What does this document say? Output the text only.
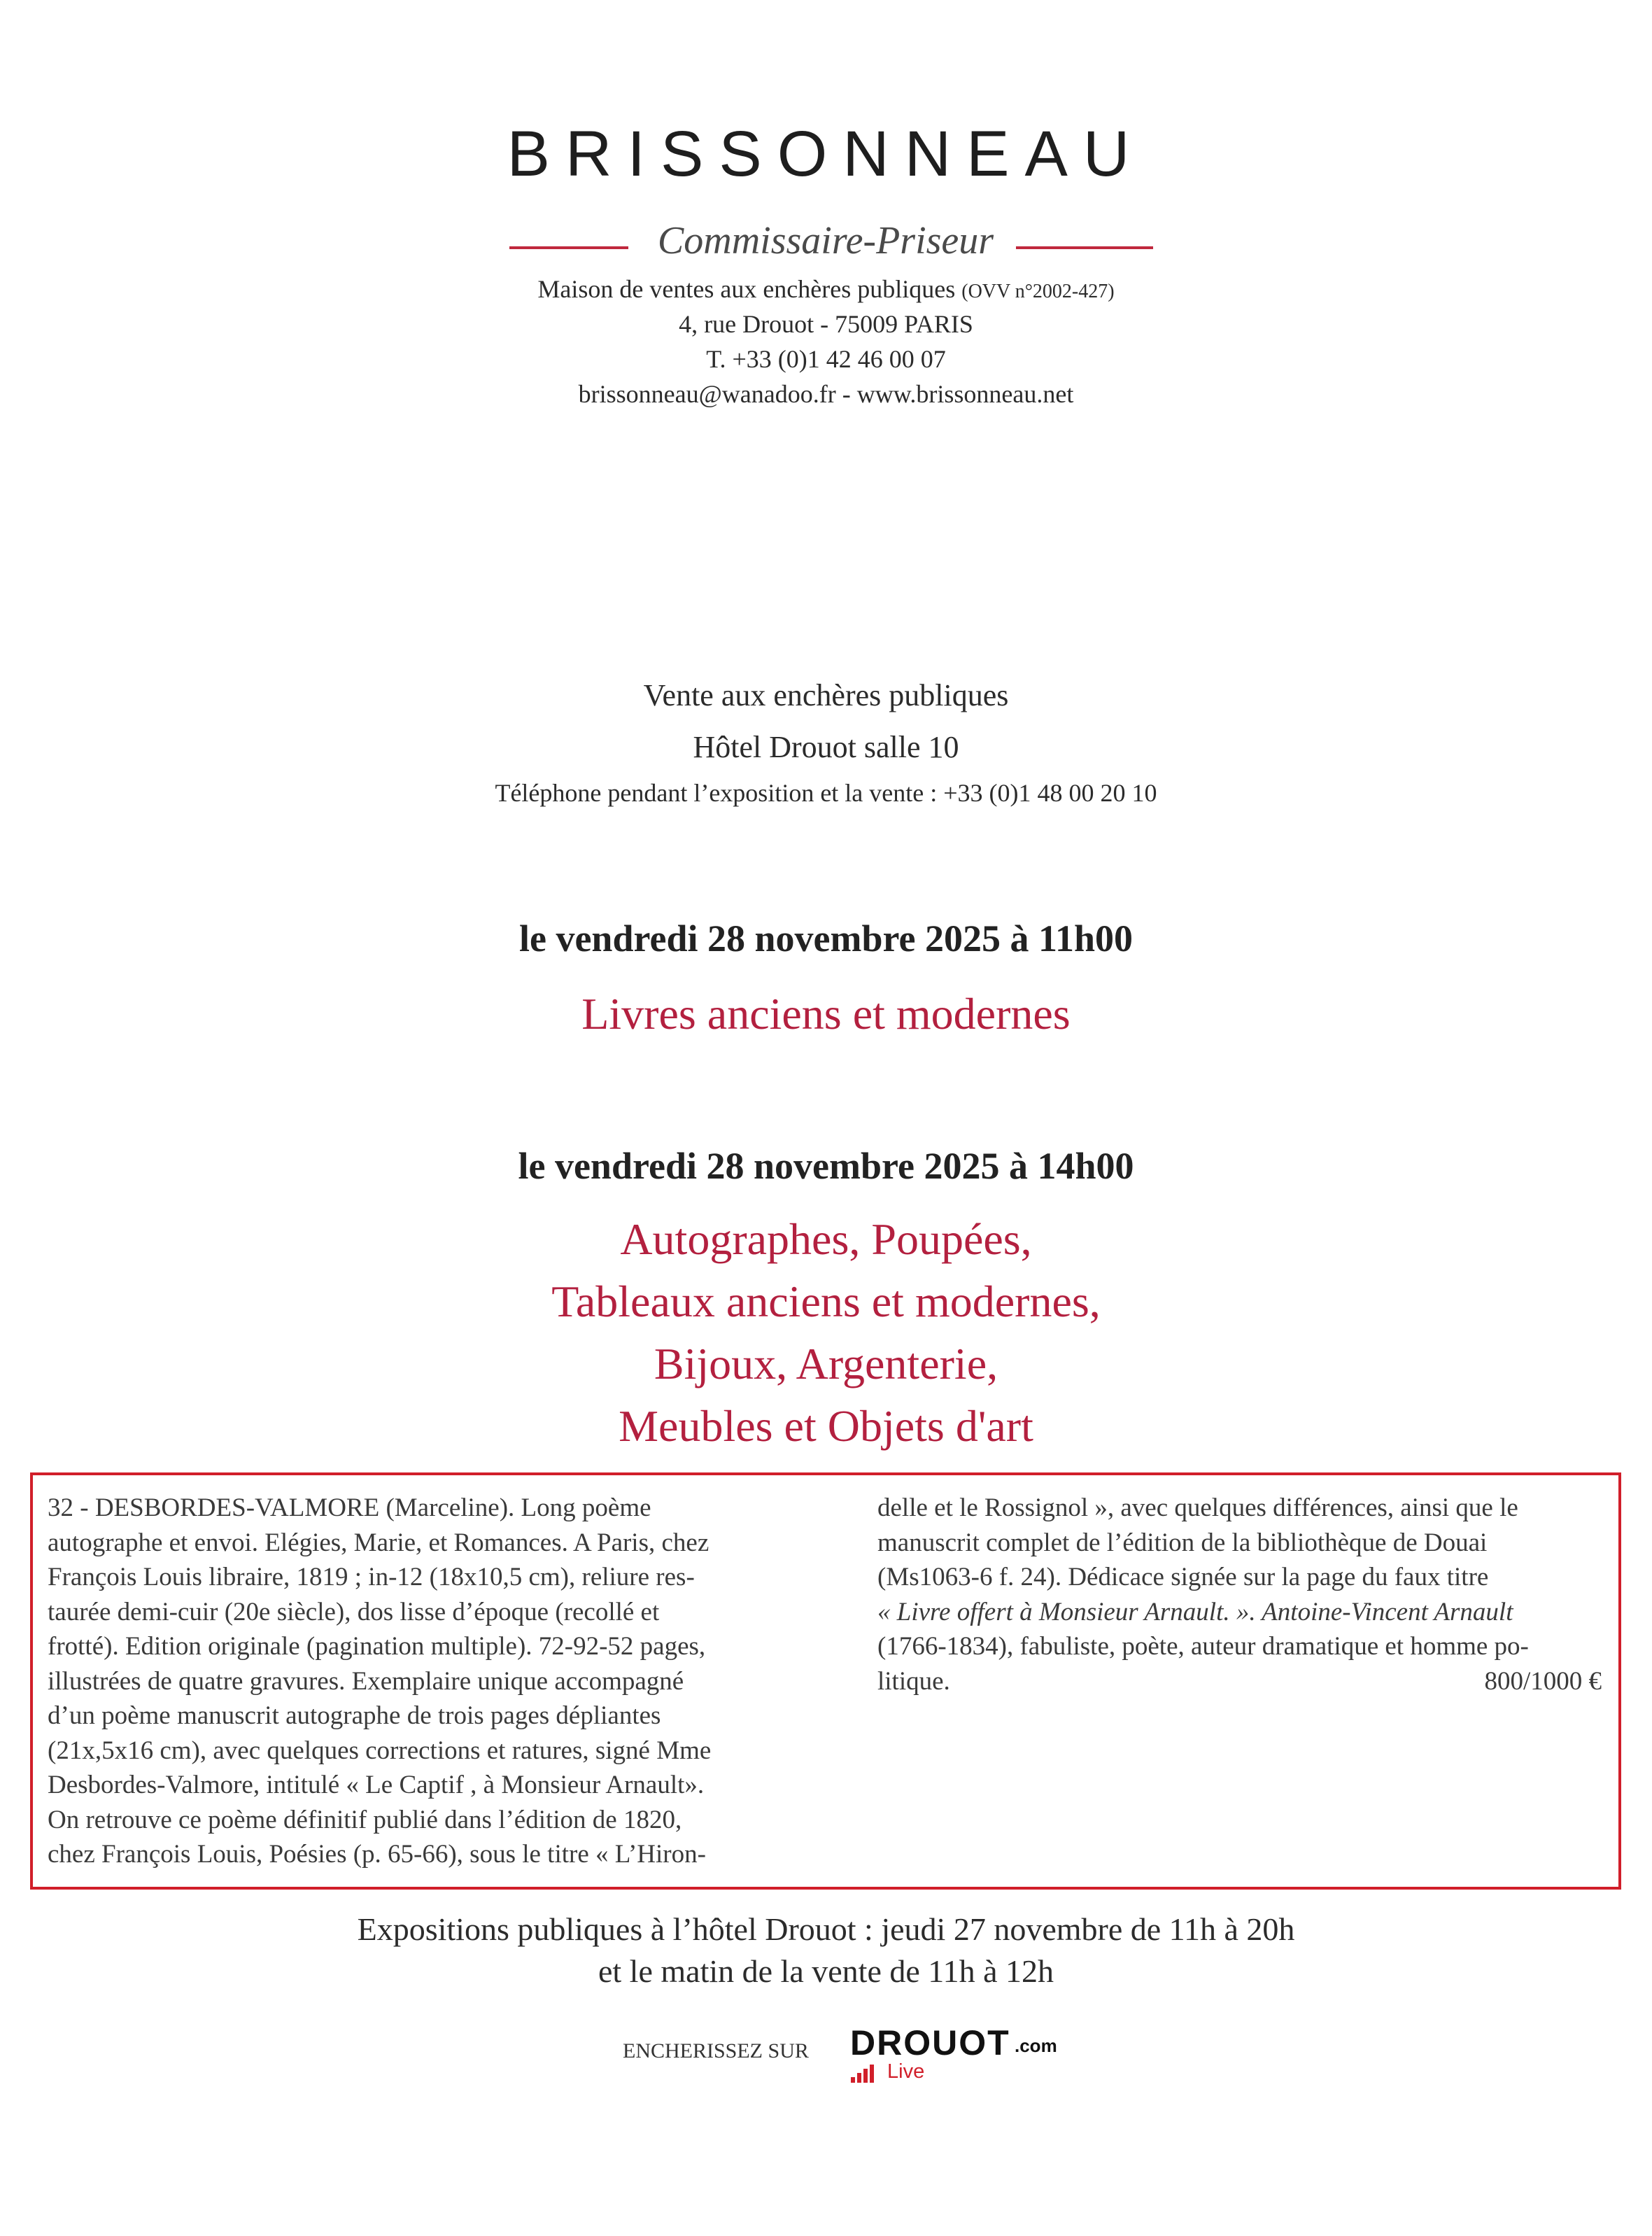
BRISSONNEAU
Commissaire-Priseur
Maison de ventes aux enchères publiques (OVV n°2002-427)
4, rue Drouot - 75009 PARIS
T. +33 (0)1 42 46 00 07
brissonneau@wanadoo.fr - www.brissonneau.net
Vente aux enchères publiques
Hôtel Drouot salle 10
Téléphone pendant l’exposition et la vente : +33 (0)1 48 00 20 10
le vendredi 28 novembre 2025 à 11h00
Livres anciens et modernes
le vendredi 28 novembre 2025 à 14h00
Autographes, Poupées,
Tableaux anciens et modernes,
Bijoux, Argenterie,
Meubles et Objets d'art

32 - DESBORDES-VALMORE (Marceline). Long poème

autographe et envoi. Elégies, Marie, et Romances. A Paris, chez

François Louis libraire, 1819 ; in-12 (18x10,5 cm), reliure res-

taurée demi-cuir (20e siècle), dos lisse d’époque (recollé et

frotté). Edition originale (pagination multiple). 72-92-52 pages,

illustrées de quatre gravures. Exemplaire unique accompagné

d’un poème manuscrit autographe de trois pages dépliantes

(21x,5x16 cm), avec quelques corrections et ratures, signé Mme

Desbordes-Valmore, intitulé « Le Captif , à Monsieur Arnault».

On retrouve ce poème définitif publié dans l’édition de 1820,

chez François Louis, Poésies (p. 65-66), sous le titre « L’Hiron-

delle et le Rossignol », avec quelques différences, ainsi que le

manuscrit complet de l’édition de la bibliothèque de Douai

(Ms1063-6 f. 24). Dédicace signée sur la page du faux titre

« Livre offert à Monsieur Arnault. ». Antoine-Vincent Arnault

(1766-1834), fabuliste, poète, auteur dramatique et homme po-

litique.	800/1000 €
Expositions publiques à l’hôtel Drouot : jeudi 27 novembre de 11h à 20h
et le matin de la vente de 11h à 12h
ENCHERISSEZ SUR DROUOT .com
Live
